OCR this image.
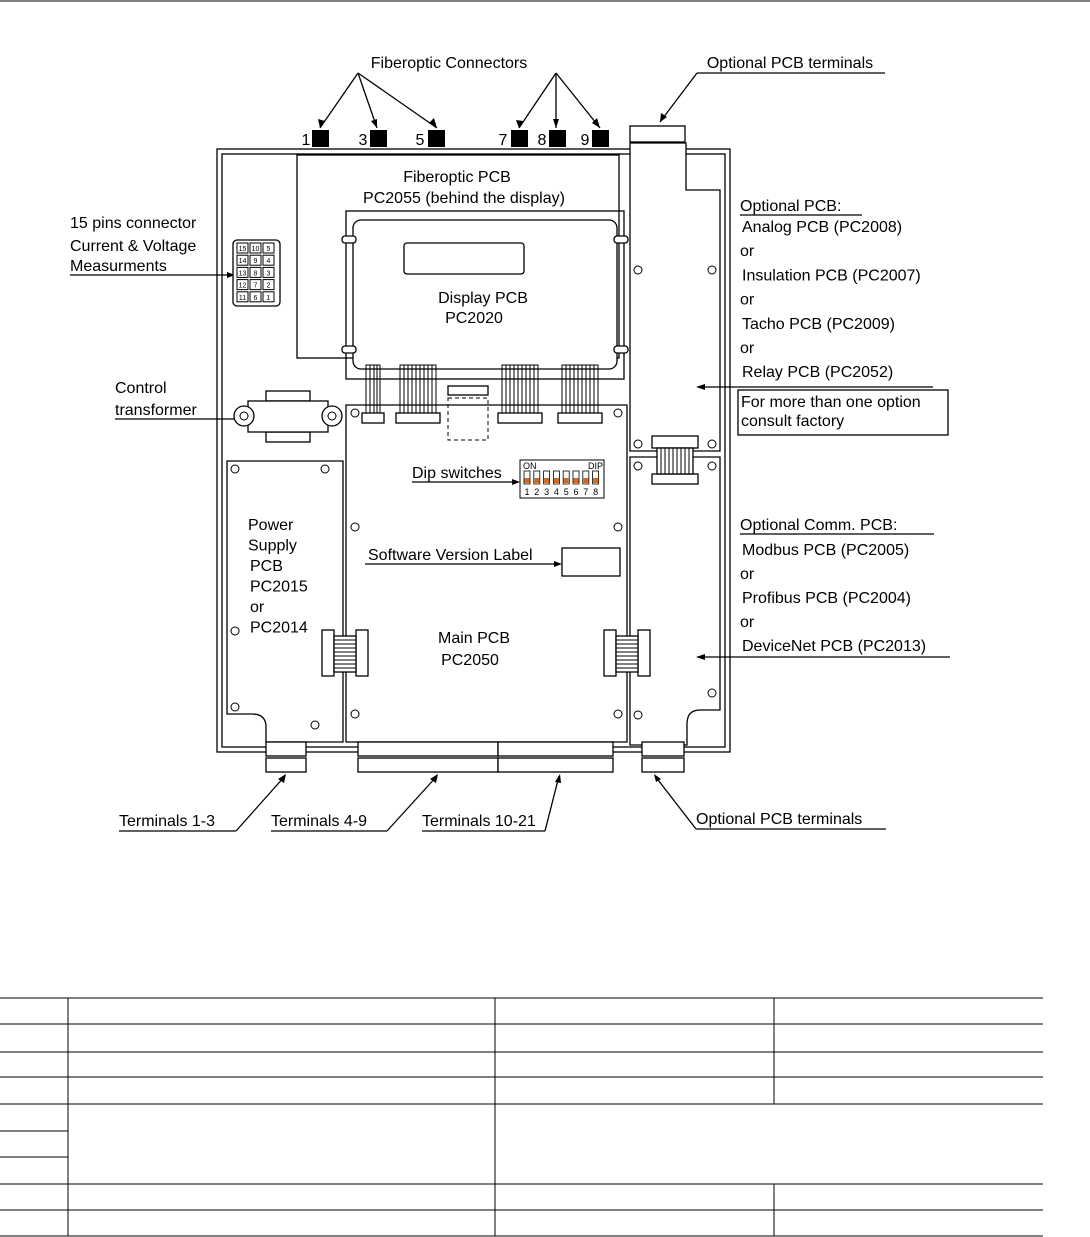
Fiberoptic Connectors
1	3	5	7 8 9
Optional PCB terminals
Fiberoptic PCB
PC2055 (behind the display)
Display PCB
PC2020
Main PCB
PC2050
15 pins connector
Current & Voltage
Measurments
15 10 5
14 9 4
13 8 3
12 7 2
11 6 1
Control
transformer
Power
Supply
PCB
PC2015
or
PC2014
Dip switches ON	DIP
1 2 3 4 5 6 7 8
Software Version Label
Terminals 1-3	Terminals 4-9	Terminals 10-21	Optional PCB terminals
Optional PCB:
Analog PCB (PC2008)
or
Insulation PCB (PC2007)
or
Tacho PCB (PC2009)
or
Relay PCB (PC2052)
For more than one option
consult factory
Optional Comm. PCB:
Modbus PCB (PC2005)
or
Profibus PCB (PC2004)
or
DeviceNet PCB (PC2013)
